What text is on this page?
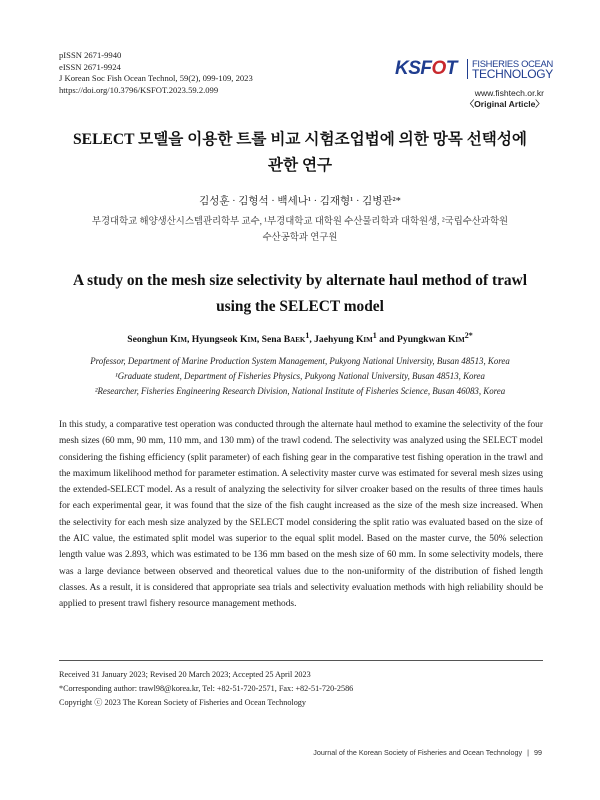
pISSN 2671-9940
eISSN 2671-9924
J Korean Soc Fish Ocean Technol, 59(2), 099-109, 2023
https://doi.org/10.3796/KSFOT.2023.59.2.099
KSFOT FISHERIES OCEAN
TECHNOLOGY
www.fishtech.or.kr
〈Original Article〉
SELECT 모델을 이용한 트롤 비교 시험조업법에 의한 망목 선택성에
관한 연구
김성훈 · 김형석 · 백세나¹ · 김재형¹ · 김병관²*
부경대학교 해양생산시스템관리학부 교수, ¹부경대학교 대학원 수산물리학과 대학원생, ²국립수산과학원
수산공학과 연구원
A study on the mesh size selectivity by alternate haul method of trawl
using the SELECT model
Seonghun Kim, Hyungseok Kim, Sena Baek$^1$, Jaehyung Kim$^1$ and Pyungkwan Kim$^{2*}$
Professor, Department of Marine Production System Management, Pukyong National University, Busan 48513, Korea
¹Graduate student, Department of Fisheries Physics, Pukyong National University, Busan 48513, Korea
²Researcher, Fisheries Engineering Research Division, National Institute of Fisheries Science, Busan 46083, Korea
In this study, a comparative test operation was conducted through the alternate haul method to examine the selectivity of the four mesh sizes (60 mm, 90 mm, 110 mm, and 130 mm) of the trawl codend. The selectivity was analyzed using the SELECT model considering the fishing efficiency (split parameter) of each fishing gear in the comparative test fishing operation in the trawl and the maximum likelihood method for parameter estimation. A selectivity master curve was estimated for several mesh sizes using the extended-SELECT model. As a result of analyzing the selectivity for silver croaker based on the results of three times hauls for each experimental gear, it was found that the size of the fish caught increased as the size of the mesh size increased. When the selectivity for each mesh size analyzed by the SELECT model considering the split ratio was evaluated based on the size of the AIC value, the estimated split model was superior to the equal split model. Based on the master curve, the 50% selection length value was 2.893, which was estimated to be 136 mm based on the mesh size of 60 mm. In some selectivity models, there was a large deviance between observed and theoretical values due to the non-uniformity of the distribution of fished length classes. As a result, it is considered that appropriate sea trials and selectivity evaluation methods with high reliability should be applied to present trawl fishery resource management methods.
Received 31 January 2023; Revised 20 March 2023; Accepted 25 April 2023
*Corresponding author: trawl98@korea.kr, Tel: +82-51-720-2571, Fax: +82-51-720-2586
Copyright ⓒ 2023 The Korean Society of Fisheries and Ocean Technology
Journal of the Korean Society of Fisheries and Ocean Technology | 99
